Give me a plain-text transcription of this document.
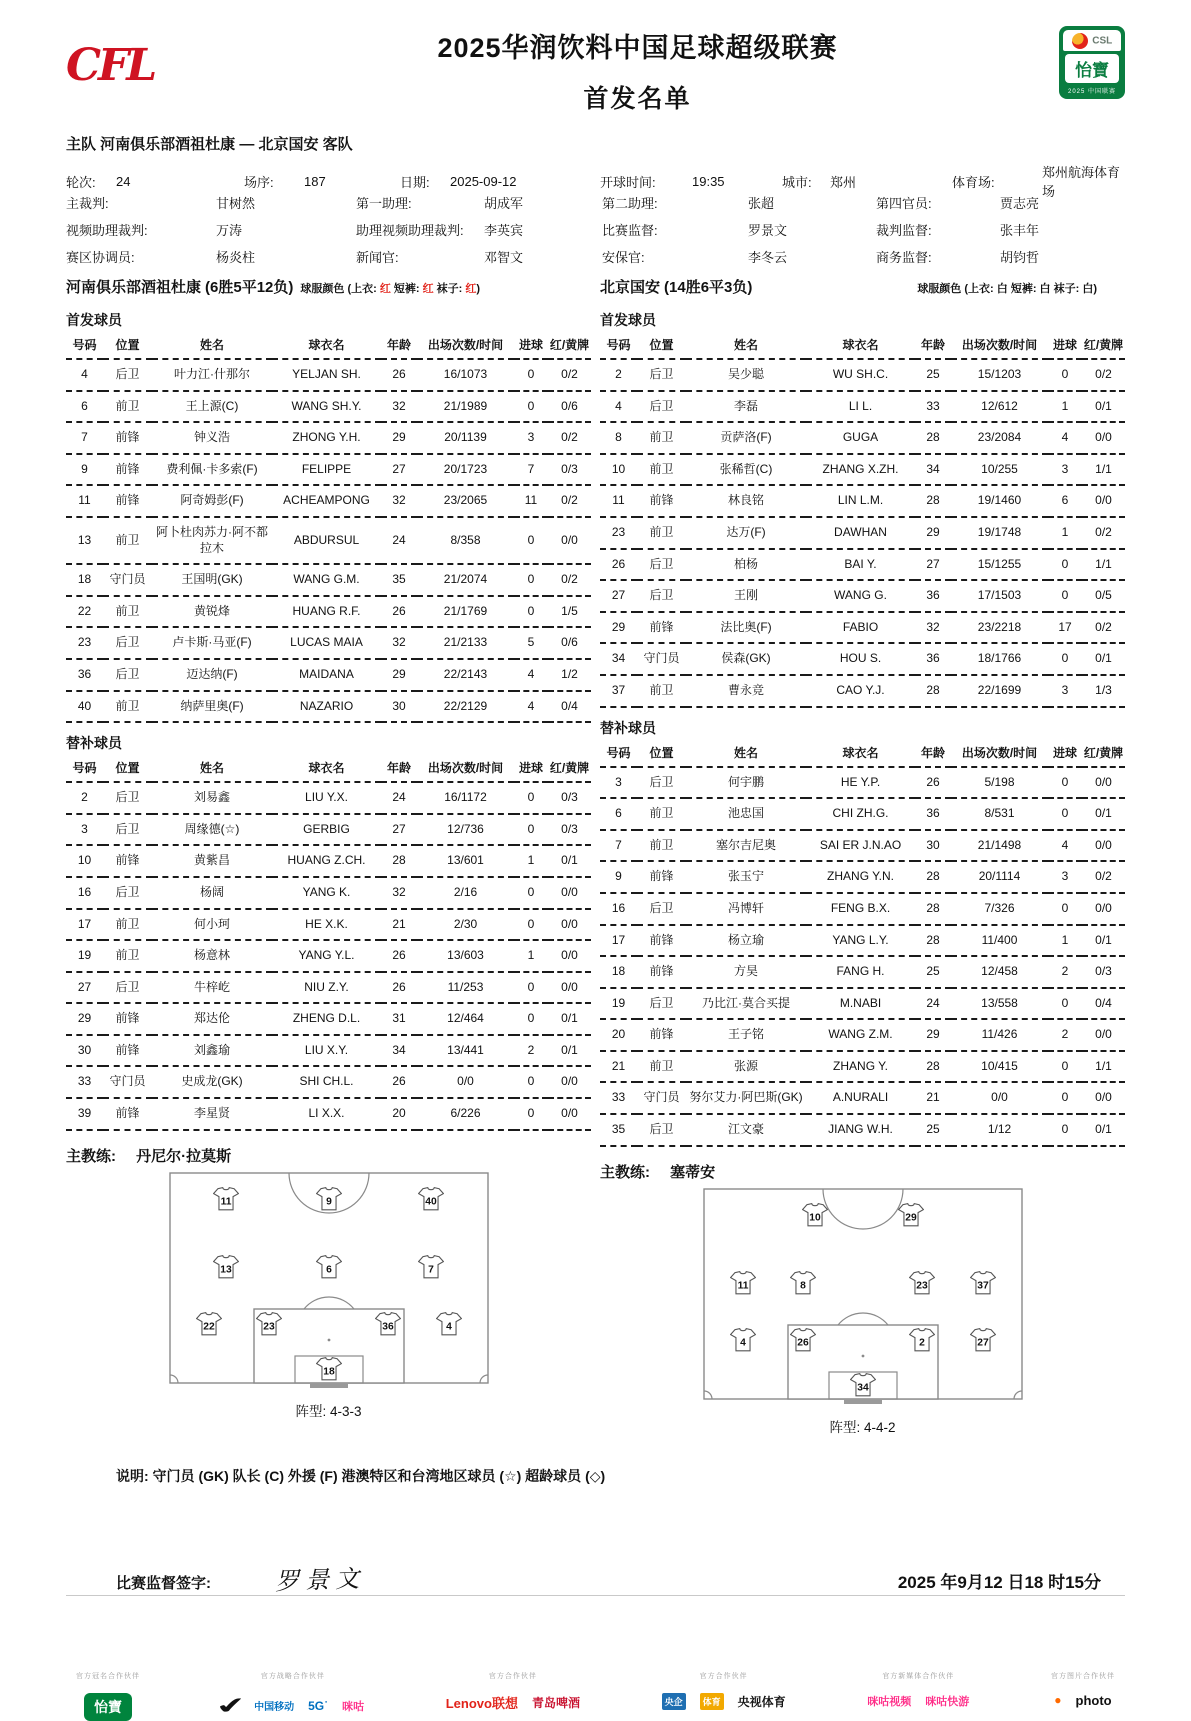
CFL	2025华润饮料中国足球超级联赛
首发名单
CSL
怡寶
2025 中国联赛
主队 河南俱乐部酒祖杜康 — 北京国安 客队
轮次:	24	场序:	187	日期:	2025-09-12	开球时间:	19:35	城市:	郑州	体育场:
郑州航海体育场
主裁判:	甘树然	第一助理:	胡成军	第二助理:	张超	第四官员:	贾志亮
视频助理裁判:	万涛	助理视频助理裁判:	李英宾	比赛监督:	罗景文	裁判监督:	张丰年
赛区协调员:	杨炎柱	新闻官:	邓智文	安保官:	李冬云	商务监督:	胡钧哲
河南俱乐部酒祖杜康 (6胜5平12负) 球服颜色 (上衣: 红 短裤: 红 袜子: 红)
首发球员
号码	位置	姓名	球衣名	年龄	出场次数/时间	进球	红/黄牌
4	后卫	叶力江·什那尔	YELJAN SH.	26	16/1073	0	0/2
6	前卫	王上源(C)	WANG SH.Y.	32	21/1989	0	0/6
7	前锋	钟义浩	ZHONG Y.H.	29	20/1139	3	0/2
9	前锋	费利佩·卡多索(F)	FELIPPE	27	20/1723	7	0/3
11	前锋	阿奇姆彭(F)	ACHEAMPONG	32	23/2065	11	0/2
13	前卫	阿卜杜肉苏力·阿不都拉木	ABDURSUL	24	8/358	0	0/0
18	守门员	王国明(GK)	WANG G.M.	35	21/2074	0	0/2
22	前卫	黄锐烽	HUANG R.F.	26	21/1769	0	1/5
23	后卫	卢卡斯·马亚(F)	LUCAS MAIA	32	21/2133	5	0/6
36	后卫	迈达纳(F)	MAIDANA	29	22/2143	4	1/2
40	前卫	纳萨里奥(F)	NAZARIO	30	22/2129	4	0/4
替补球员
号码	位置	姓名	球衣名	年龄	出场次数/时间	进球	红/黄牌
2	后卫	刘易鑫	LIU Y.X.	24	16/1172	0	0/3
3	后卫	周缘德(☆)	GERBIG	27	12/736	0	0/3
10	前锋	黄紫昌	HUANG Z.CH.	28	13/601	1	0/1
16	后卫	杨阔	YANG K.	32	2/16	0	0/0
17	前卫	何小珂	HE X.K.	21	2/30	0	0/0
19	前卫	杨意林	YANG Y.L.	26	13/603	1	0/0
27	后卫	牛梓屹	NIU Z.Y.	26	11/253	0	0/0
29	前锋	郑达伦	ZHENG D.L.	31	12/464	0	0/1
30	前锋	刘鑫瑜	LIU X.Y.	34	13/441	2	0/1
33	守门员	史成龙(GK)	SHI CH.L.	26	0/0	0	0/0
39	前锋	李星贤	LI X.X.	20	6/226	0	0/0
主教练: 丹尼尔·拉莫斯
11	9	40
13	6	7
22	23	36	4
18
阵型: 4-3-3
北京国安 (14胜6平3负)	球服颜色 (上衣: 白 短裤: 白 袜子: 白)
首发球员
号码	位置	姓名	球衣名	年龄	出场次数/时间	进球	红/黄牌
2	后卫	吴少聪	WU SH.C.	25	15/1203	0	0/2
4	后卫	李磊	LI L.	33	12/612	1	0/1
8	前卫	贡萨洛(F)	GUGA	28	23/2084	4	0/0
10	前卫	张稀哲(C)	ZHANG X.ZH.	34	10/255	3	1/1
11	前锋	林良铭	LIN L.M.	28	19/1460	6	0/0
23	前卫	达万(F)	DAWHAN	29	19/1748	1	0/2
26	后卫	柏杨	BAI Y.	27	15/1255	0	1/1
27	后卫	王刚	WANG G.	36	17/1503	0	0/5
29	前锋	法比奥(F)	FABIO	32	23/2218	17	0/2
34	守门员	侯森(GK)	HOU S.	36	18/1766	0	0/1
37	前卫	曹永竞	CAO Y.J.	28	22/1699	3	1/3
替补球员
号码	位置	姓名	球衣名	年龄	出场次数/时间	进球	红/黄牌
3	后卫	何宇鹏	HE Y.P.	26	5/198	0	0/0
6	前卫	池忠国	CHI ZH.G.	36	8/531	0	0/1
7	前卫	塞尔吉尼奥	SAI ER J.N.AO	30	21/1498	4	0/0
9	前锋	张玉宁	ZHANG Y.N.	28	20/1114	3	0/2
16	后卫	冯博轩	FENG B.X.	28	7/326	0	0/0
17	前锋	杨立瑜	YANG L.Y.	28	11/400	1	0/1
18	前锋	方昊	FANG H.	25	12/458	2	0/3
19	后卫	乃比江·莫合买提	M.NABI	24	13/558	0	0/4
20	前锋	王子铭	WANG Z.M.	29	11/426	2	0/0
21	前卫	张源	ZHANG Y.	28	10/415	0	1/1
33	守门员	努尔艾力·阿巴斯(GK)	A.NURALI	21	0/0	0	0/0
35	后卫	江文豪	JIANG W.H.	25	1/12	0	0/1
主教练: 塞蒂安
10	29
11	8	23	37
4	26	2	27
34
阵型: 4-4-2
说明: 守门员 (GK) 队长 (C) 外援 (F) 港澳特区和台湾地区球员 (☆) 超龄球员 (◇)
比赛监督签字:	罗景文	2025 年9月12 日18 时15分
官方冠名合作伙伴
怡寶
官方战略合作伙伴
✔ 中国移动 5G˙ 咪咕
官方合作伙伴
Lenovo联想 青岛啤酒
官方合作伙伴
央企	体育 央视体育
官方新媒体合作伙伴
咪咕视频 咪咕快游
官方图片合作伙伴
● photo
